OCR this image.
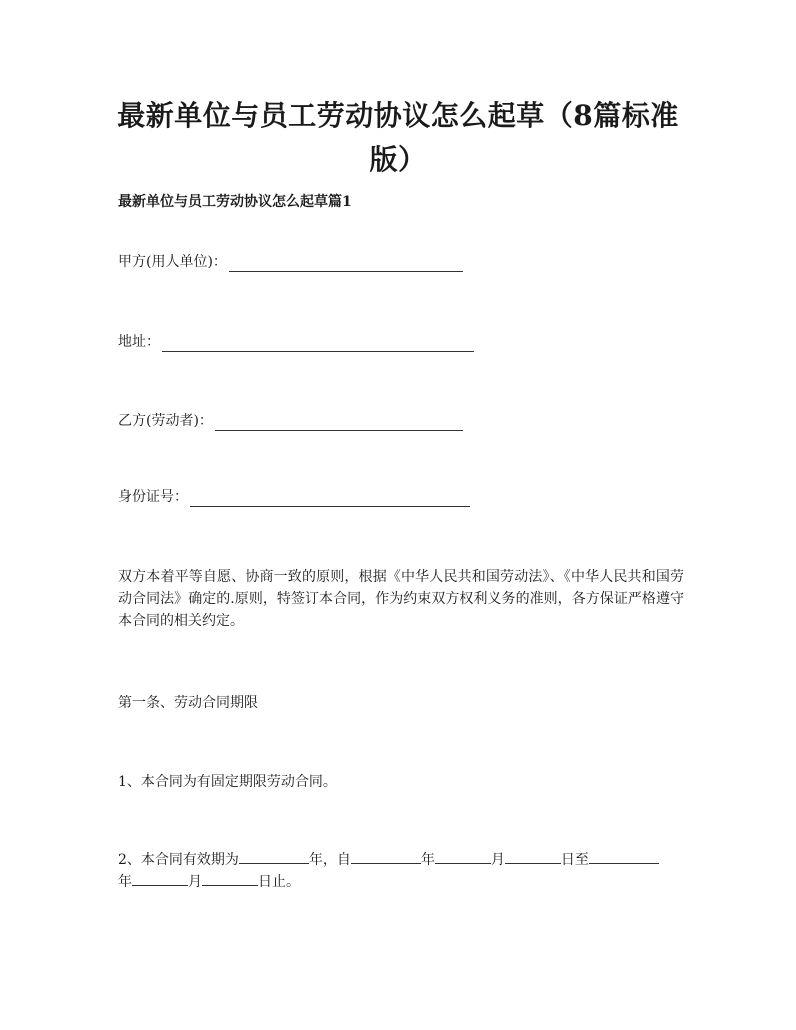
最新单位与员工劳动协议怎么起草（8篇标准版）

最新单位与员工劳动协议怎么起草篇1

甲方(用人单位)：
地址：
乙方(劳动者)：
身份证号：

双方本着平等自愿、协商一致的原则，根据《中华人民共和国劳动法》、《中华人民共和国劳动合同法》确定的.原则，特签订本合同，作为约束双方权利义务的准则，各方保证严格遵守本合同的相关约定。

第一条、劳动合同期限

1、本合同为有固定期限劳动合同。

2、本合同有效期为	年，自	年	月	日至
年	月	日止。
